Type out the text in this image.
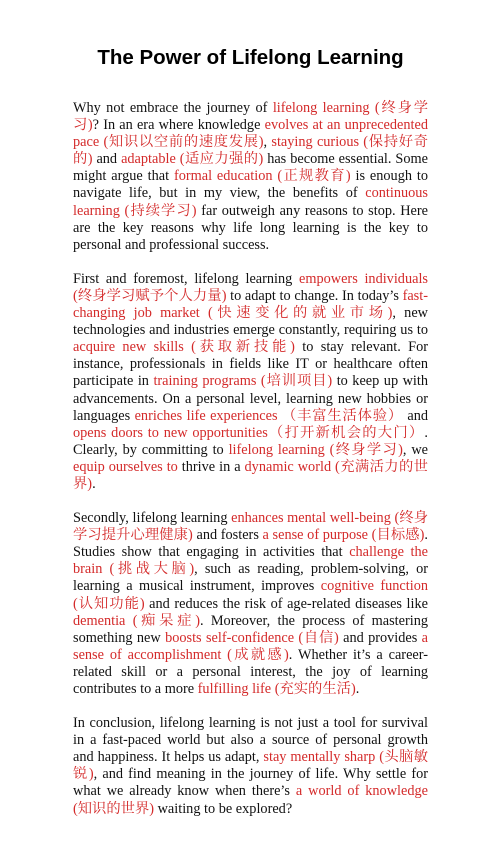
The Power of Lifelong Learning

Why not embrace the journey of lifelong learning (终身学习)? In an era where knowledge evolves at an unprecedented pace (知识以空前的速度发展), staying curious (保持好奇的) and adaptable (适应力强的) has become essential. Some might argue that formal education (正规教育) is enough to navigate life, but in my view, the benefits of continuous learning (持续学习) far outweigh any reasons to stop. Here are the key reasons why life long learning is the key to personal and professional success.

First and foremost, lifelong learning empowers individuals (终身学习赋予个人力量) to adapt to change. In today’s fast-changing job market (快速变化的就业市场), new technologies and industries emerge constantly, requiring us to acquire new skills (获取新技能) to stay relevant. For instance, professionals in fields like IT or healthcare often participate in training programs (培训项目) to keep up with advancements. On a personal level, learning new hobbies or languages enriches life experiences （丰富生活体验） and opens doors to new opportunities（打开新机会的大门）. Clearly, by committing to lifelong learning (终身学习), we equip ourselves to thrive in a dynamic world (充满活力的世界).

Secondly, lifelong learning enhances mental well-being (终身学习提升心理健康) and fosters a sense of purpose (目标感). Studies show that engaging in activities that challenge the brain (挑战大脑), such as reading, problem-solving, or learning a musical instrument, improves cognitive function (认知功能) and reduces the risk of age-related diseases like dementia (痴呆症). Moreover, the process of mastering something new boosts self-confidence (自信) and provides a sense of accomplishment (成就感). Whether it’s a career-related skill or a personal interest, the joy of learning contributes to a more fulfilling life (充实的生活).

In conclusion, lifelong learning is not just a tool for survival in a fast-paced world but also a source of personal growth and happiness. It helps us adapt, stay mentally sharp (头脑敏锐), and find meaning in the journey of life. Why settle for what we already know when there’s a world of knowledge (知识的世界) waiting to be explored?
